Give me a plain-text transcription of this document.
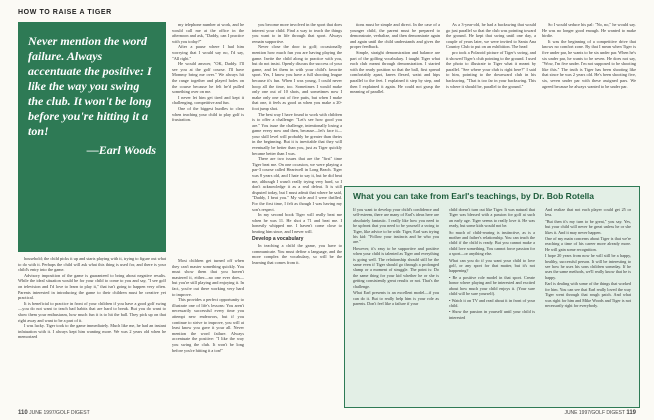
HOW TO RAISE A TIGER
Never mention the word failure. Always accentuate the positive: I like the way you swing the club. It won't be long before you're hitting it a ton!
—Earl Woods

my telephone number at work, and he would call me at the office in the afternoon and ask, "Daddy, can I practice with you today?"

After a pause where I had him worrying that I would say no, I'd say, "All right."

He would answer, "OK, Daddy. I'll see you at the golf course. I'll have Mommy bring me over." We always hit the range together and played holes on the course because he felt he'd pulled something over on me.

I never let him get tired and kept it challenging, competitive and fun.

One of the biggest hurdles to clear when teaching your child to play golf is frustration.

household; the child picks it up and starts playing with it, trying to figure out what to do with it. Perhaps the child will ask what this thing is used for, and there is your child's entry into the game.

Advisory imposition of the game is guaranteed to bring about negative results. While the ideal situation would be for your child to come to you and say, "I see golf on television and I'd love to learn to play it," that isn't going to happen very often. Parents interested in introducing the game to their children must be creative yet practical.

It is beneficial to practice in front of your children if you have a good golf swing—you do not want to teach bad habits that are hard to break. But you do want to show them your enthusiasm, how much fun it is to hit the ball. They pick up on that right away and want to be a part of it.

I was lucky. Tiger took to the game immediately. Much like me, he had an instant infatuation with it. I always kept him wanting more. We was 2 years old when he memorized

Most children get turned off when they can't master something quickly. You must show them that you haven't mastered it, either—no one ever does—but you're still playing and enjoying it. In fact, you're out there working very hard to improve.

This provides a perfect opportunity to illustrate one of life's lessons: You aren't necessarily successful every time you attempt new endeavors, but if you continue to strive to improve, you will at least know you gave it your all. Never mention the word failure. Always accentuate the positive: "I like the way you swing the club. It won't be long before you're hitting it a ton!"

you become more involved in the sport that does interest your child. Find a way to teach the things you want to in life through that sport. Always remain supportive.

Never close the door to golf; occasionally mention how much fun you are having playing the game. Invite the child along to practice with you, but do not insist. Openly discuss the success of your game, and let them in with your child's favorite sport. Yes, I know you have a full shooting league because it's fun. When I was young, I could never hoop all the time, too. Sometimes I would make only one out of 10 shots, and sometimes now I make only one out of five putts, but when I make that one, it feels as good as when you make a 20-foot jump shot.

The best way I have found to work with children is to offer a challenge: "Let's see how good you are." You issue the challenge, intentionally losing a game every now and then, because—let's face it—your skill level will probably be greater than theirs in the beginning. But it is inevitable that they will eventually be better than you, just as Tiger quickly became better than I was.

There are two issues that are the "first" time Tiger beat me. On one occasion, we were playing a par-3 course called Heartwell in Long Beach. Tiger was 8 years old, and I hate to say it, but he did beat me, although I wasn't really trying very hard, so I don't acknowledge it as a real defeat. It is still disputed today, but I must admit that where he said, "Daddy, I beat you." My wife and I were thrilled. For the first time, I felt as though I was having my son's respect.

In my second book Tiger will really beat me when he was 11. He shot a 71 and beat me. I honestly whipped me. I haven't come close to beating him since, and I never will.

Develop a vocabulary

In teaching a child the game, you have to communicate. You must define a language, and the more complex the vocabulary, so will be the learning that comes from it.

tions must be simple and direct. In the case of a younger child, the parent must be prepared to demonstrate, verbalize, and then demonstrate again and again until the child understands and gives the proper feedback.

Simple, straight demonstration and balance are part of the golfing vocabulary. I taught Tiger what each club meant through demonstration. I started with the ready position so that the ball, first spread comfortably apart, knees flexed, waist and hips parallel to the feet. I explained it step by step, and then I explained it again. He could not grasp the meaning of parallel.

As a 3-year-old, he had a backswing that would go just parallel so that the club was pointing toward the ground. He kept that swing until one day, a couple of years later, we were invited to Santa Ana Country Club to put on an exhibition. The head

pro took a Polaroid picture of Tiger's swing, and it showed Tiger's club pointing to the ground. I used the photo to illustrate to Tiger what it meant by parallel. "See where your club is right here?" I said to him, pointing to the downward club in his backswing. "That is too far in your backswing. This is where it should be, parallel to the ground."

So I would seduce his pal: "No, no," he would say. He was no longer good enough. He wanted to make birdie.

It was the beginning of a competitive drive that knows no comfort zone. By that I mean when Tiger is five under par, he wants to be six under par. When he's six under par, he wants to be seven. He does not say, "Wow, I'm five under. I'm not supposed to be shooting like this." The truth is Tiger has been shooting like that since he was 2 years old. He's been shooting five, six, seven under par with these assigned pars. We agreed because he always wanted to be under par.

What you can take from Earl's teachings, by Dr. Bob Rotella

If you want to develop your child's confidence and self-esteem, there are many of Earl's ideas here are absolutely fantastic. I really like how you need to be upfront that you need to be yourself a swing to Tiger, like advice to be with: Tiger, Earl was trying his kid: "Follow your instincts and be who you are."

However, it's easy to be supportive and positive when your child is talented as Tiger and everything is going well. The relationship should still be the same even if Tiger should go through a prolonged slump or a moment of struggle. The point is: Do the same thing for your kid whether he or she is getting consistently great results or not. That's the challenge.

What Earl presents is an excellent model—if you can do it. But to really help him is your role as parents. Don't feel like a failure if your

child doesn't turn out like Tiger. It was natural that Tiger was blessed with a passion for golf at such an early age. Tiger seems to really love it. He was ready, but some kids would not be.

So much of child-rearing is instinctive, as is a mother and father's relationship. You can teach the child if the child is ready. But you cannot make a child love something. You cannot force passion for a sport—or anything else.

What can you do if you want your child to love golf, or any sport for that matter, but it's not happening?

• Be a positive role model in that sport. Create honor where playing and be interested and excited about how much your child enjoys it. (Your sure child will be sure yourself).

• Watch it on TV and read about it in front of your child.

• Show the passion in yourself until your child is interested

And realize that not each player could get 25 or less.

"But then it's my turn to be great," you say. Yes, but your child will never be great unless he or she likes it. And it may never happen.

One of my main concerns about Tiger is that we're reaching a time of his career more already more. He will gain some recognition.

I hope 20 years from now he will still be a happy, healthy, successful person. It will be interesting to see how he uses his sons children someday. If he uses the same methods, we'll really know that he is happy.

Earl is dealing with some of the things that worked for him. You can see that Earl really loved the way Tiger went through that rough patch. And what was right for him and Mike Woods and Tiger is not necessarily right for everybody.

110 JUNE 1997/GOLF DIGEST	JUNE 1997/GOLF DIGEST 119
